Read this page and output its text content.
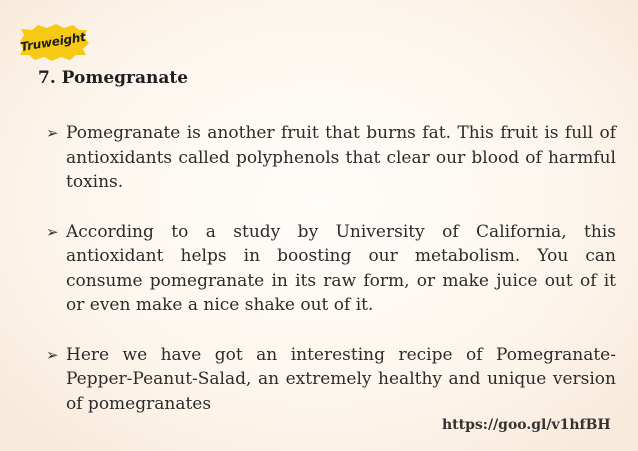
Truweight
7. Pomegranate
➢ Pomegranate is another fruit that burns fat. This fruit is full of antioxidants called polyphenols that clear our blood of harmful toxins.
➢ According to a study by University of California, this antioxidant helps in boosting our metabolism. You can consume pomegranate in its raw form, or make juice out of it or even make a nice shake out of it.
➢ Here we have got an interesting recipe of Pomegranate-Pepper-Peanut-Salad, an extremely healthy and unique version of pomegranates
https://goo.gl/v1hfBH
